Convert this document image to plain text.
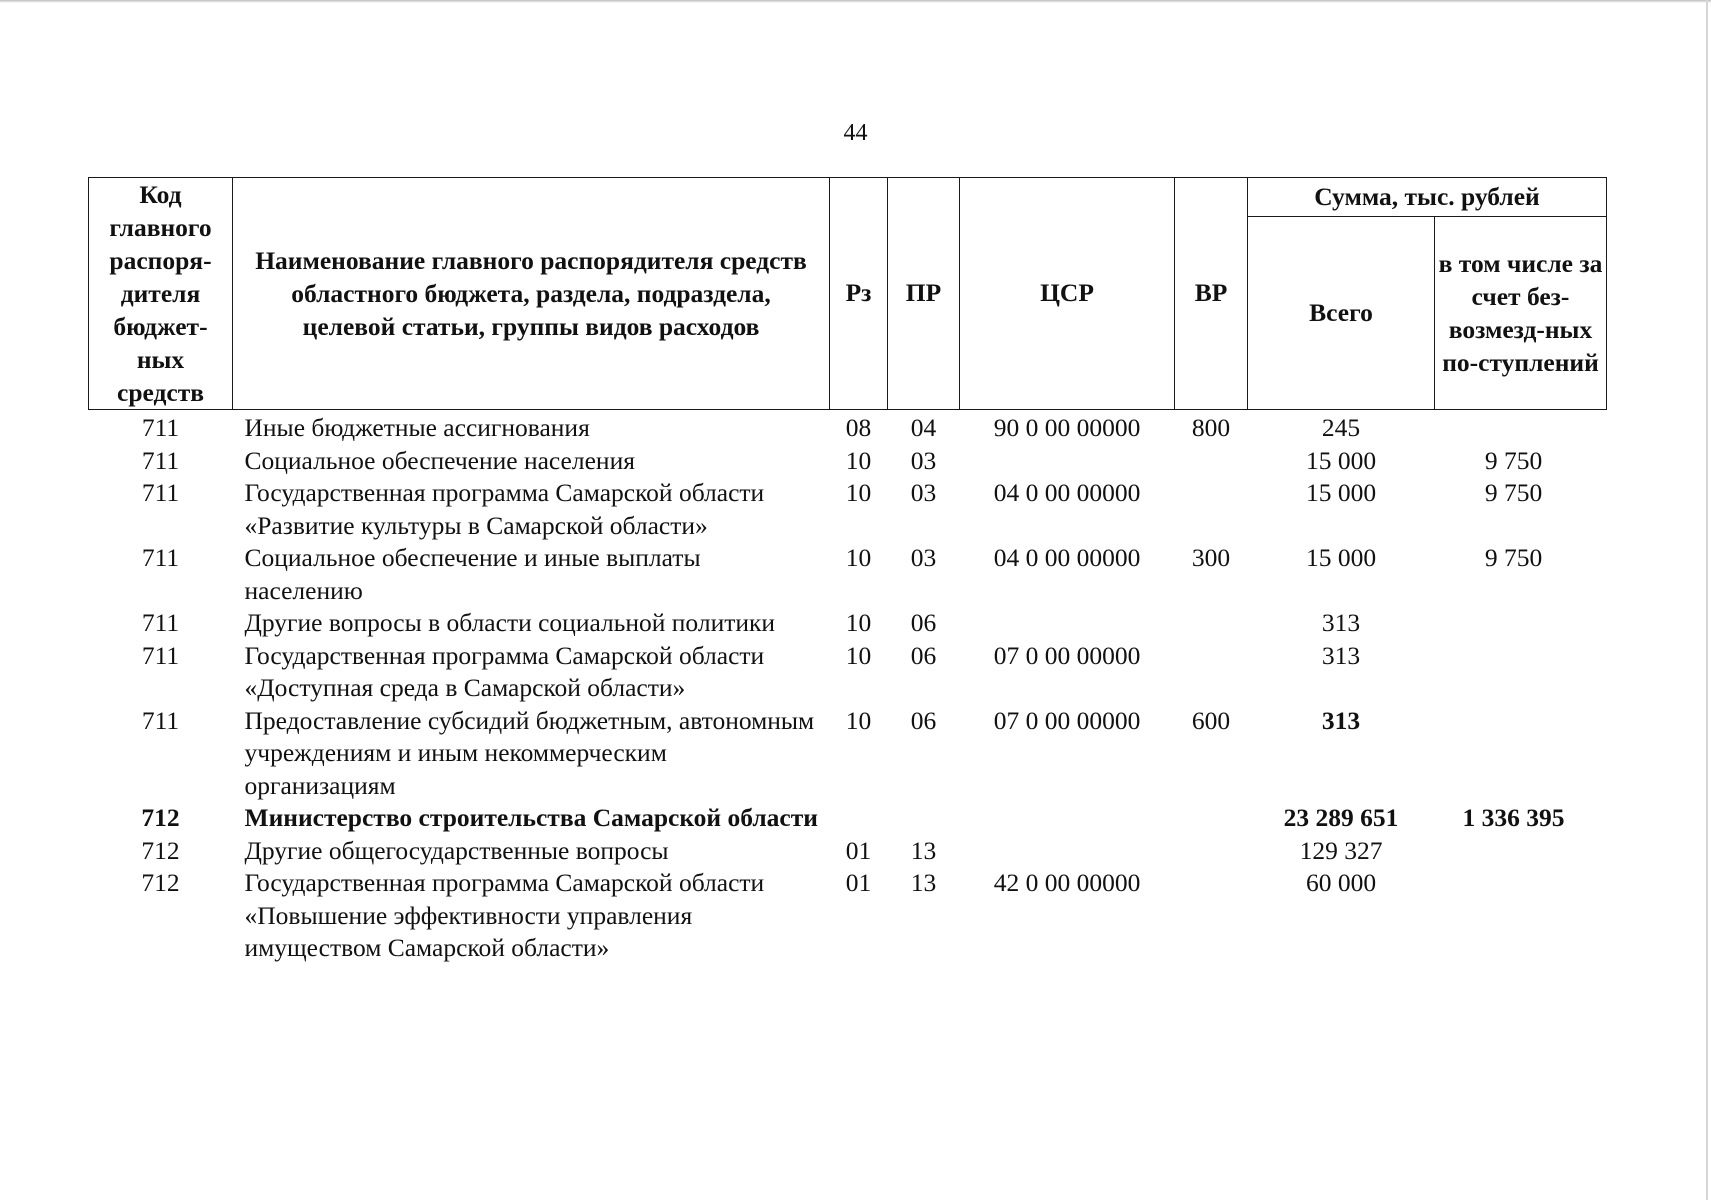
44
Код главного распоря-дителя бюджет-ных средств	Наименование главного распорядителя средств областного бюджета, раздела, подраздела, целевой статьи, группы видов расходов	Рз	ПР	ЦСР	ВР	Сумма, тыс. рублей	
						Всего	в том числе за счет без-возмезд-ных по-ступлений
711	Иные бюджетные ассигнования	08	04	90 0 00 00000	800	245	
711	Социальное обеспечение населения	10	03			15 000	9 750
711	Государственная программа Самарской области «Развитие культуры в Самарской области»	10	03	04 0 00 00000		15 000	9 750
711	Социальное обеспечение и иные выплаты населению	10	03	04 0 00 00000	300	15 000	9 750
711	Другие вопросы в области социальной политики	10	06			313	
711	Государственная программа Самарской области «Доступная среда в Самарской области»	10	06	07 0 00 00000		313	
711	Предоставление субсидий бюджетным, автономным учреждениям и иным некоммерческим организациям	10	06	07 0 00 00000	600	313	
712	Министерство строительства Самарской области					23 289 651	1 336 395
712	Другие общегосударственные вопросы	01	13			129 327	
712	Государственная программа Самарской области «Повышение эффективности управления имуществом Самарской области»	01	13	42 0 00 00000		60 000	
